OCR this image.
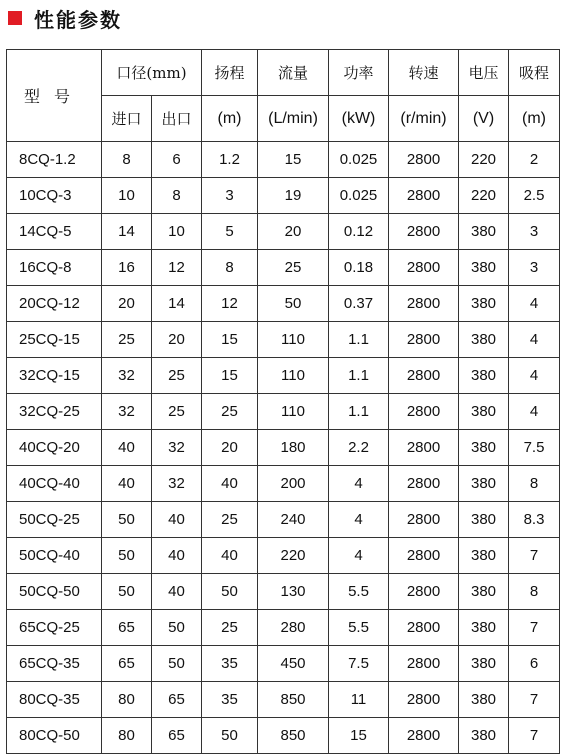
性能参数
型号	口径(mm)		扬程	流量	功率	转速	电压	吸程
	进口	出口	(m)	(L/min)	(kW)	(r/min)	(V)	(m)
8CQ-1.2	8	6	1.2	15	0.025	2800	220	2
10CQ-3	10	8	3	19	0.025	2800	220	2.5
14CQ-5	14	10	5	20	0.12	2800	380	3
16CQ-8	16	12	8	25	0.18	2800	380	3
20CQ-12	20	14	12	50	0.37	2800	380	4
25CQ-15	25	20	15	110	1.1	2800	380	4
32CQ-15	32	25	15	110	1.1	2800	380	4
32CQ-25	32	25	25	110	1.1	2800	380	4
40CQ-20	40	32	20	180	2.2	2800	380	7.5
40CQ-40	40	32	40	200	4	2800	380	8
50CQ-25	50	40	25	240	4	2800	380	8.3
50CQ-40	50	40	40	220	4	2800	380	7
50CQ-50	50	40	50	130	5.5	2800	380	8
65CQ-25	65	50	25	280	5.5	2800	380	7
65CQ-35	65	50	35	450	7.5	2800	380	6
80CQ-35	80	65	35	850	11	2800	380	7
80CQ-50	80	65	50	850	15	2800	380	7
